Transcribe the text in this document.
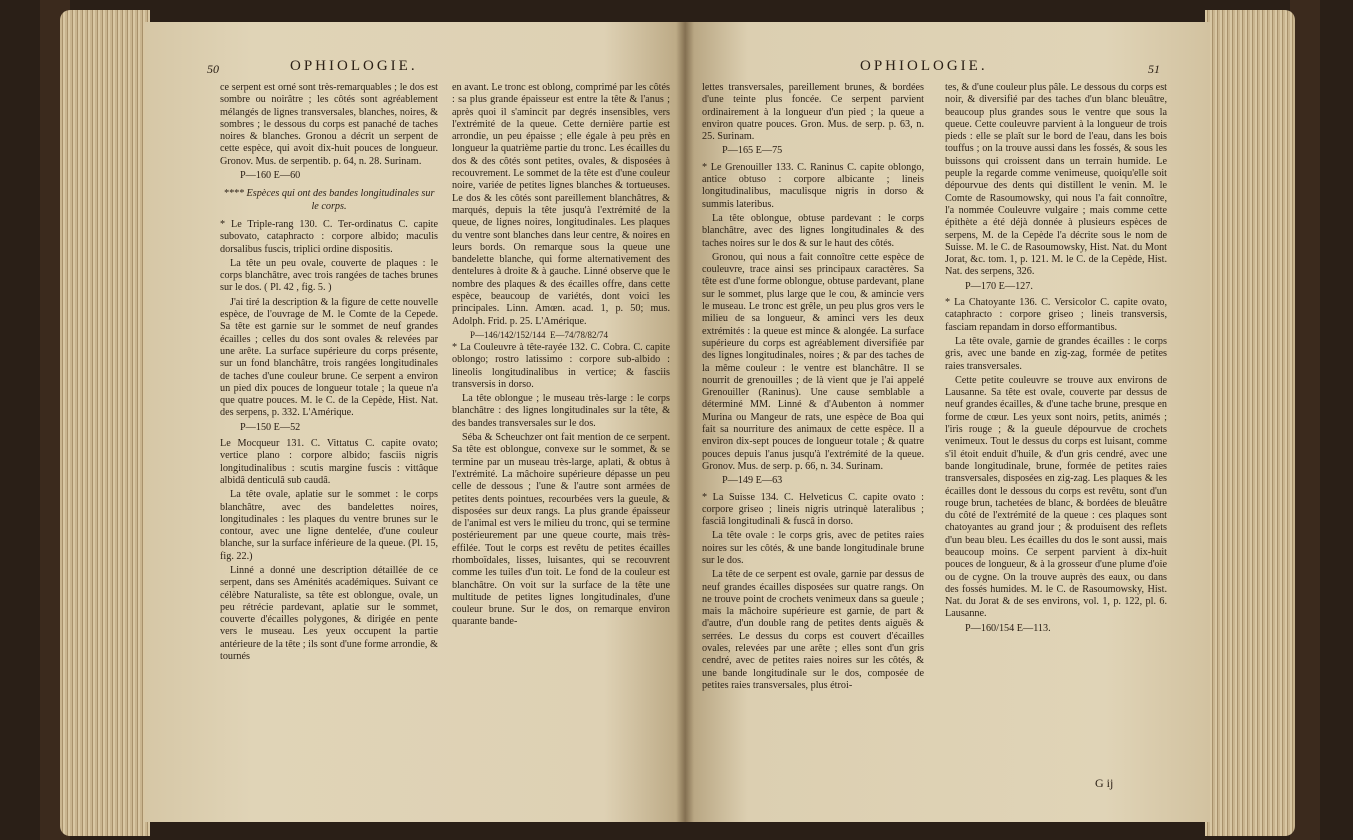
50	OPHIOLOGIE.

ce serpent est orné sont très-remarquables ; le dos est sombre ou noirâtre ; les côtés sont agréablement mélangés de lignes transversales, blanches, noires, & sombres ; le dessous du corps est panaché de taches noires & blanches. Gronou a décrit un serpent de cette espèce, qui avoit dix-huit pouces de longueur. Gronov. Mus. de serpentib. p. 64, n. 28. Surinam.

P—160 E—60

**** Espèces qui ont des bandes longitudinales sur le corps.

* Le Triple-rang 130. C. Ter-ordinatus C. capite subovato, cataphracto : corpore albido; maculis dorsalibus fuscis, triplici ordine dispositis.

La tête un peu ovale, couverte de plaques : le corps blanchâtre, avec trois rangées de taches brunes sur le dos. ( Pl. 42 , fig. 5. )

J'ai tiré la description & la figure de cette nouvelle espèce, de l'ouvrage de M. le Comte de la Cepede. Sa tête est garnie sur le sommet de neuf grandes écailles ; celles du dos sont ovales & relevées par une arête. La surface supérieure du corps présente, sur un fond blanchâtre, trois rangées longitudinales de taches d'une couleur brune. Ce serpent a environ un pied dix pouces de longueur totale ; la queue n'a que quatre pouces. M. le C. de la Cepède, Hist. Nat. des serpens, p. 332. L'Amérique.

P—150 E—52

Le Mocqueur 131. C. Vittatus C. capite ovato; vertice plano : corpore albido; fasciis nigris longitudinalibus : scutis margine fuscis : vittâque albidâ denticulâ sub caudâ.

La tête ovale, aplatie sur le sommet : le corps blanchâtre, avec des bandelettes noires, longitudinales : les plaques du ventre brunes sur le contour, avec une ligne dentelée, d'une couleur blanche, sur la surface inférieure de la queue. (Pl. 15, fig. 22.)

Linné a donné une description détaillée de ce serpent, dans ses Aménités académiques. Suivant ce célèbre Naturaliste, sa tête est oblongue, ovale, un peu rétrécie pardevant, aplatie sur le sommet, couverte d'écailles polygones, & dirigée en pente vers le museau. Les yeux occupent la partie antérieure de la tête ; ils sont d'une forme arrondie, & tournés

en avant. Le tronc est oblong, comprimé par les côtés : sa plus grande épaisseur est entre la tête & l'anus ; après quoi il s'amincit par degrés insensibles, vers l'extrémité de la queue. Cette dernière partie est arrondie, un peu épaisse ; elle égale à peu près en longueur la quatrième partie du tronc. Les écailles du dos & des côtés sont petites, ovales, & disposées à recouvrement. Le sommet de la tête est d'une couleur noire, variée de petites lignes blanches & tortueuses. Le dos & les côtés sont pareillement blanchâtres, & marqués, depuis la tête jusqu'à l'extrémité de la queue, de lignes noires, longitudinales. Les plaques du ventre sont blanches dans leur centre, & noires en leurs bords. On remarque sous la queue une bandelette blanche, qui forme alternativement des dentelures à droite & à gauche. Linné observe que le nombre des plaques & des écailles offre, dans cette espèce, beaucoup de variétés, dont voici les principales. Linn. Amœn. acad. 1, p. 50; mus. Adolph. Frid. p. 25. L'Amérique.

P—146/142/152/144  E—74/78/82/74

* La Couleuvre à tête-rayée 132. C. Cobra. C. capite oblongo; rostro latissimo : corpore sub-albido : lineolis longitudinalibus in vertice; & fasciis transversis in dorso.

La tête oblongue ; le museau très-large : le corps blanchâtre : des lignes longitudinales sur la tête, & des bandes transversales sur le dos.

Séba & Scheuchzer ont fait mention de ce serpent. Sa tête est oblongue, convexe sur le sommet, & se termine par un museau très-large, aplati, & obtus à l'extrémité. La mâchoire supérieure dépasse un peu celle de dessous ; l'une & l'autre sont armées de petites dents pointues, recourbées vers la gueule, & disposées sur deux rangs. La plus grande épaisseur de l'animal est vers le milieu du tronc, qui se termine postérieurement par une queue courte, mais très-effilée. Tout le corps est revêtu de petites écailles rhomboïdales, lisses, luisantes, qui se recouvrent comme les tuiles d'un toit. Le fond de la couleur est blanchâtre. On voit sur la surface de la tête une multitude de petites lignes longitudinales, d'une couleur brune. Sur le dos, on remarque environ quarante bande-

OPHIOLOGIE.	51

lettes transversales, pareillement brunes, & bordées d'une teinte plus foncée. Ce serpent parvient ordinairement à la longueur d'un pied ; la queue a environ quatre pouces. Gron. Mus. de serp. p. 63, n. 25. Surinam.

P—165 E—75

* Le Grenouiller 133. C. Raninus C. capite oblongo, antice obtuso : corpore albicante ; lineis longitudinalibus, maculisque nigris in dorso & summis lateribus.

La tête oblongue, obtuse pardevant : le corps blanchâtre, avec des lignes longitudinales & des taches noires sur le dos & sur le haut des côtés.

Gronou, qui nous a fait connoître cette espèce de couleuvre, trace ainsi ses principaux caractères. Sa tête est d'une forme oblongue, obtuse pardevant, plane sur le sommet, plus large que le cou, & amincie vers le museau. Le tronc est grêle, un peu plus gros vers le milieu de sa longueur, & aminci vers les deux extrémités : la queue est mince & alongée. La surface supérieure du corps est agréablement diversifiée par des lignes longitudinales, noires ; & par des taches de la même couleur : le ventre est blanchâtre. Il se nourrit de grenouilles ; de là vient que je l'ai appelé Grenouiller (Raninus). Une cause semblable a déterminé MM. Linné & d'Aubenton à nommer Murina ou Mangeur de rats, une espèce de Boa qui fait sa nourriture des animaux de cette espèce. Il a environ dix-sept pouces de longueur totale ; & quatre pouces depuis l'anus jusqu'à l'extrémité de la queue. Gronov. Mus. de serp. p. 66, n. 34. Surinam.

P—149 E—63

* La Suisse 134. C. Helveticus C. capite ovato : corpore griseo ; lineis nigris utrinquè lateralibus ; fasciâ longitudinali & fuscâ in dorso.

La tête ovale : le corps gris, avec de petites raies noires sur les côtés, & une bande longitudinale brune sur le dos.

La tête de ce serpent est ovale, garnie par dessus de neuf grandes écailles disposées sur quatre rangs. On ne trouve point de crochets venimeux dans sa gueule ; mais la mâchoire supérieure est garnie, de part & d'autre, d'un double rang de petites dents aiguës & serrées. Le dessus du corps est couvert d'écailles ovales, relevées par une arête ; elles sont d'un gris cendré, avec de petites raies noires sur les côtés, & une bande longitudinale sur le dos, composée de petites raies transversales, plus étroi-

tes, & d'une couleur plus pâle. Le dessous du corps est noir, & diversifié par des taches d'un blanc bleuâtre, beaucoup plus grandes sous le ventre que sous la queue. Cette couleuvre parvient à la longueur de trois pieds : elle se plaît sur le bord de l'eau, dans les bois touffus ; on la trouve aussi dans les fossés, & sous les buissons qui croissent dans un terrain humide. Le peuple la regarde comme venimeuse, quoiqu'elle soit dépourvue des dents qui distillent le venin. M. le Comte de Rasoumowsky, qui nous l'a fait connoître, l'a nommée Couleuvre vulgaire ; mais comme cette épithète a été déjà donnée à plusieurs espèces de serpens, M. de la Cepède l'a décrite sous le nom de Suisse. M. le C. de Rasoumowsky, Hist. Nat. du Mont Jorat, &c. tom. 1, p. 121. M. le C. de la Cepède, Hist. Nat. des serpens, 326.

P—170 E—127.

* La Chatoyante 136. C. Versicolor C. capite ovato, cataphracto : corpore griseo ; lineis transversis, fasciam repandam in dorso efformantibus.

La tête ovale, garnie de grandes écailles : le corps gris, avec une bande en zig-zag, formée de petites raies transversales.

Cette petite couleuvre se trouve aux environs de Lausanne. Sa tête est ovale, couverte par dessus de neuf grandes écailles, & d'une tache brune, presque en forme de cœur. Les yeux sont noirs, petits, animés ; l'iris rouge ; & la gueule dépourvue de crochets venimeux. Tout le dessus du corps est luisant, comme s'il étoit enduit d'huile, & d'un gris cendré, avec une bande longitudinale, brune, formée de petites raies transversales, disposées en zig-zag. Les plaques & les écailles dont le dessous du corps est revêtu, sont d'un rouge brun, tachetées de blanc, & bordées de bleuâtre du côté de l'extrémité de la queue : ces plaques sont chatoyantes au grand jour ; & produisent des reflets d'un beau bleu. Les écailles du dos le sont aussi, mais beaucoup moins. Ce serpent parvient à dix-huit pouces de longueur, & à la grosseur d'une plume d'oie ou de cygne. On la trouve auprès des eaux, ou dans des fossés humides. M. le C. de Rasoumowsky, Hist. Nat. du Jorat & de ses environs, vol. 1, p. 122, pl. 6. Lausanne.

P—160/154 E—113.

G ij
